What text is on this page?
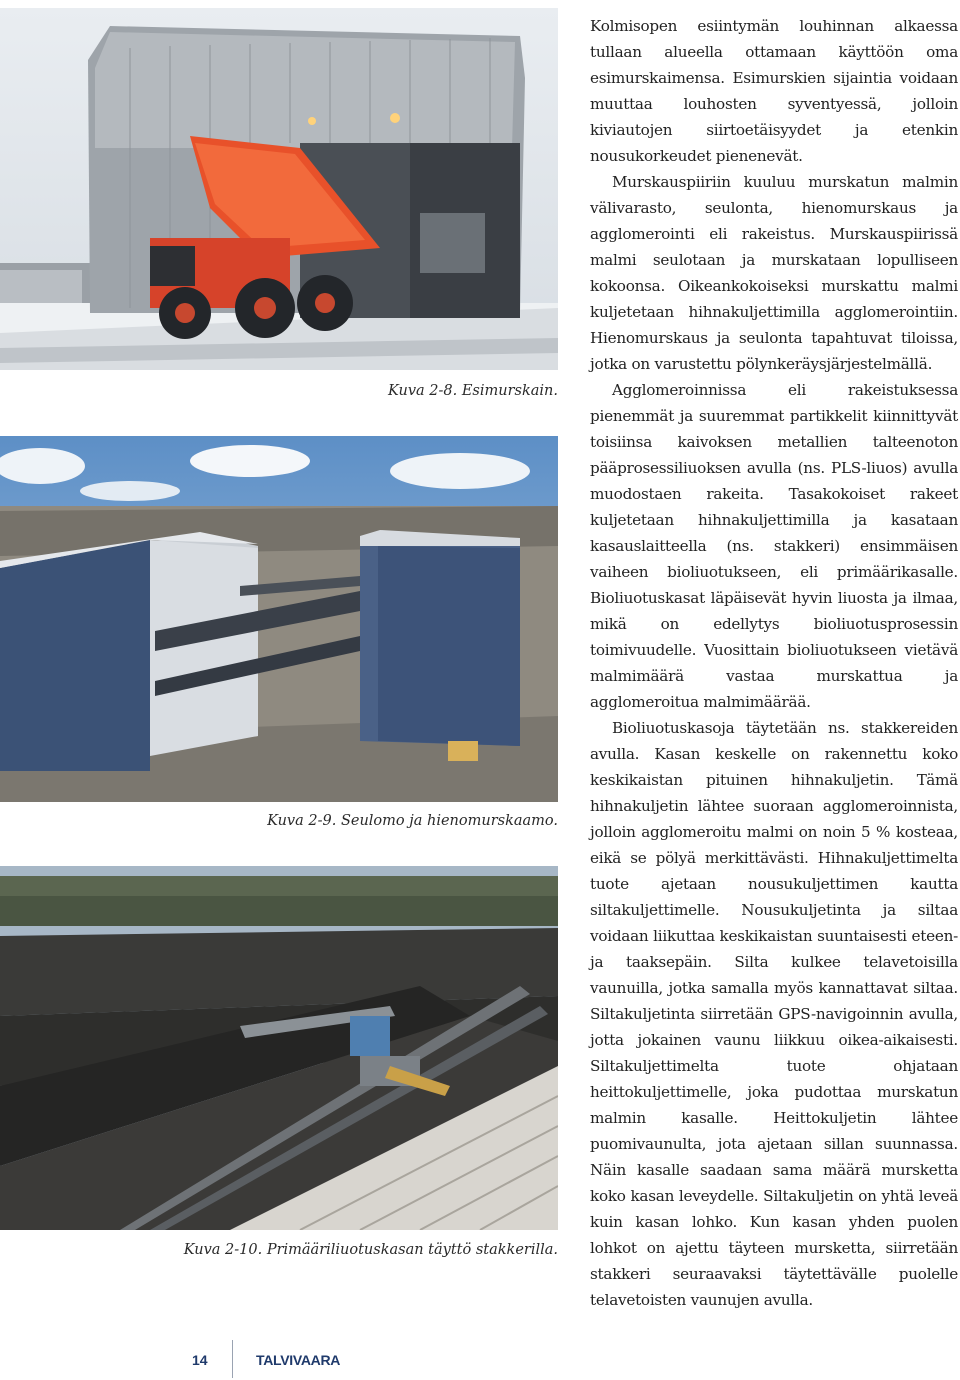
Kuva 2-8. Esimurskain.
Kuva 2-9. Seulomo ja hienomurskaamo.
Kuva 2-10. Primääriliuotuskasan täyttö stakkerilla.

Kolmisopen esiintymän louhinnan alkaessa tullaan alueella ottamaan käyttöön oma esimurskaimensa. Esimurskien sijaintia voidaan muuttaa louhosten syventyessä, jolloin kiviautojen siirtoetäisyydet ja etenkin nousukorkeudet pienenevät.

Murskauspiiriin kuuluu murskatun malmin välivarasto, seulonta, hienomurskaus ja agglomerointi eli rakeistus. Murskauspiirissä malmi seulotaan ja murskataan lopulliseen kokoonsa. Oikeankokoiseksi murskattu malmi kuljetetaan hihnakuljettimilla agglomerointiin. Hienomurskaus ja seulonta tapahtuvat tiloissa, jotka on varustettu pölynkeräysjärjestelmällä.

Agglomeroinnissa eli rakeistuksessa pienemmät ja suuremmat partikkelit kiinnittyvät toisiinsa kaivoksen metallien talteenoton pääprosessiliuoksen avulla (ns. PLS-liuos) avulla muodostaen rakeita. Tasakokoiset rakeet kuljetetaan hihnakuljettimilla ja kasataan kasauslaitteella (ns. stakkeri) ensimmäisen vaiheen bioliuotukseen, eli primäärikasalle. Bioliuotuskasat läpäisevät hyvin liuosta ja ilmaa, mikä on edellytys bioliuotusprosessin toimivuudelle. Vuosittain bioliuotukseen vietävä malmimäärä vastaa murskattua ja agglomeroitua malmimäärää.

Bioliuotuskasoja täytetään ns. stakkereiden avulla. Kasan keskelle on rakennettu koko keskikaistan pituinen hihnakuljetin. Tämä hihnakuljetin lähtee suoraan agglomeroinnista, jolloin agglomeroitu malmi on noin 5 % kosteaa, eikä se pölyä merkittävästi. Hihnakuljettimelta tuote ajetaan nousukuljettimen kautta siltakuljettimelle. Nousukuljetinta ja siltaa voidaan liikuttaa keskikaistan suuntaisesti eteen- ja taaksepäin. Silta kulkee telavetoisilla vaunuilla, jotka samalla myös kannattavat siltaa. Siltakuljetinta siirretään GPS-navigoinnin avulla, jotta jokainen vaunu liikkuu oikea-aikaisesti. Siltakuljettimelta tuote ohjataan heittokuljettimelle, joka pudottaa murskatun malmin kasalle. Heittokuljetin lähtee puomivaunulta, jota ajetaan sillan suunnassa. Näin kasalle saadaan sama määrä mursketta koko kasan leveydelle. Siltakuljetin on yhtä leveä kuin kasan lohko. Kun kasan yhden puolen lohkot on ajettu täyteen mursketta, siirretään stakkeri seuraavaksi täytettävälle puolelle telavetoisten vaunujen avulla.

14	TALVIVAARA
